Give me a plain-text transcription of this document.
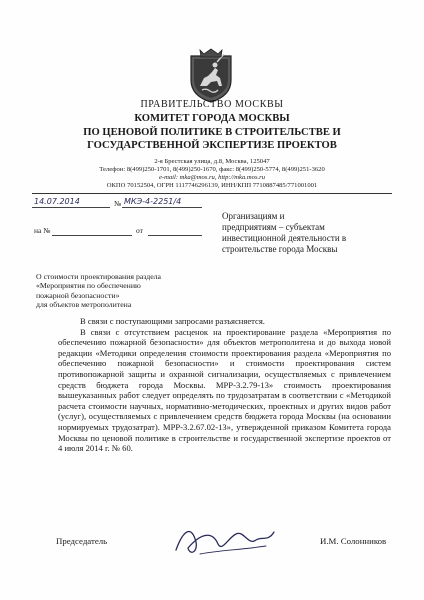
ПРАВИТЕЛЬСТВО МОСКВЫ
КОМИТЕТ ГОРОДА МОСКВЫ
ПО ЦЕНОВОЙ ПОЛИТИКЕ В СТРОИТЕЛЬСТВЕ И
ГОСУДАРСТВЕННОЙ ЭКСПЕРТИЗЕ ПРОЕКТОВ
2-я Брестская улица, д.8, Москва, 125047
Телефон: 8(499)250-1701, 8(499)250-1670, факс: 8(499)250-5774, 8(499)251-3620
e-mail: mka@mos.ru, http://mka.mos.ru
ОКПО 70152504, ОГРН 1117746296139, ИНН/КПП 7710887485/771001001
14.07.2014	№ МКЭ-4-2251/4
на №	от
Организациям и
предприятиям – субъектам
инвестиционной деятельности в
строительстве города Москвы
О стоимости проектирования раздела
«Мероприятия по обеспечению
пожарной безопасности»
для объектов метрополитена

В связи с поступающими запросами разъясняется.

В связи с отсутствием расценок на проектирование раздела «Мероприятия по обеспечению пожарной безопасности» для объектов метрополитена и до выхода новой редакции «Методики определения стоимости проектирования раздела «Мероприятия по обеспечению пожарной безопасности» и стоимости проектирования систем противопожарной защиты и охранной сигнализации, осуществляемых с привлечением средств бюджета города Москвы. МРР-3.2.79-13» стоимость проектирования вышеуказанных работ следует определять по трудозатратам в соответствии с «Методикой расчета стоимости научных, нормативно-методических, проектных и других видов работ (услуг), осуществляемых с привлечением средств бюджета города Москвы (на основании нормируемых трудозатрат). МРР-3.2.67.02-13», утвержденной приказом Комитета города Москвы по ценовой политике в строительстве и государственной экспертизе проектов от 4 июля 2014 г. № 60.

Председатель	И.М. Солонников
